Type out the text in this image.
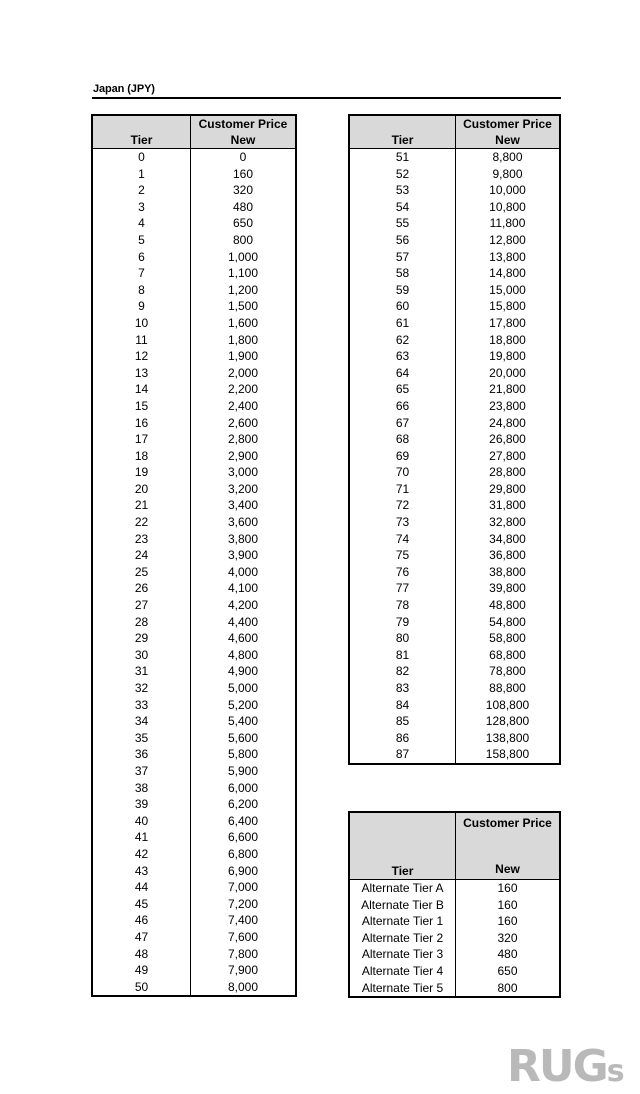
Japan (JPY)
Tier	Customer Price
New

0	0
1	160
2	320
3	480
4	650
5	800
6	1,000
7	1,100
8	1,200
9	1,500
10	1,600
11	1,800
12	1,900
13	2,000
14	2,200
15	2,400
16	2,600
17	2,800
18	2,900
19	3,000
20	3,200
21	3,400
22	3,600
23	3,800
24	3,900
25	4,000
26	4,100
27	4,200
28	4,400
29	4,600
30	4,800
31	4,900
32	5,000
33	5,200
34	5,400
35	5,600
36	5,800
37	5,900
38	6,000
39	6,200
40	6,400
41	6,600
42	6,800
43	6,900
44	7,000
45	7,200
46	7,400
47	7,600
48	7,800
49	7,900
50	8,000
Tier	Customer Price
New

51	8,800
52	9,800
53	10,000
54	10,800
55	11,800
56	12,800
57	13,800
58	14,800
59	15,000
60	15,800
61	17,800
62	18,800
63	19,800
64	20,000
65	21,800
66	23,800
67	24,800
68	26,800
69	27,800
70	28,800
71	29,800
72	31,800
73	32,800
74	34,800
75	36,800
76	38,800
77	39,800
78	48,800
79	54,800
80	58,800
81	68,800
82	78,800
83	88,800
84	108,800
85	128,800
86	138,800
87	158,800
Tier	Customer Price
New

Alternate Tier A	160
Alternate Tier B	160
Alternate Tier 1	160
Alternate Tier 2	320
Alternate Tier 3	480
Alternate Tier 4	650
Alternate Tier 5	800
RUGs
